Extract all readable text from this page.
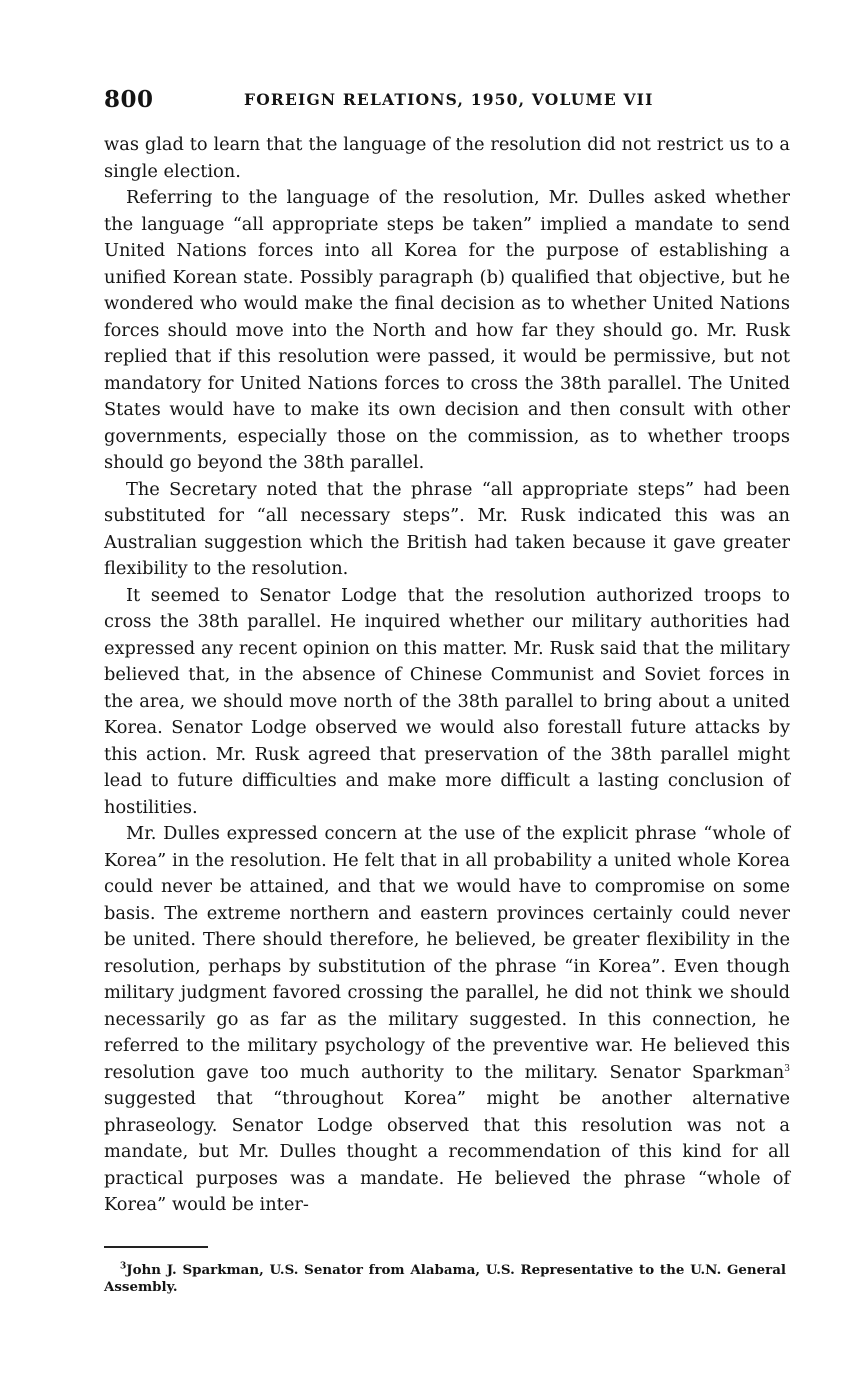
800	FOREIGN RELATIONS, 1950, VOLUME VII

was glad to learn that the language of the resolution did not restrict us to a single election.

Referring to the language of the resolution, Mr. Dulles asked whether the language “all appropriate steps be taken” implied a mandate to send United Nations forces into all Korea for the purpose of establishing a unified Korean state. Possibly paragraph (b) qualified that objective, but he wondered who would make the final decision as to whether United Nations forces should move into the North and how far they should go. Mr. Rusk replied that if this resolution were passed, it would be permissive, but not mandatory for United Nations forces to cross the 38th parallel. The United States would have to make its own decision and then consult with other governments, especially those on the commission, as to whether troops should go beyond the 38th parallel.

The Secretary noted that the phrase “all appropriate steps” had been substituted for “all necessary steps”. Mr. Rusk indicated this was an Australian suggestion which the British had taken because it gave greater flexibility to the resolution.

It seemed to Senator Lodge that the resolution authorized troops to cross the 38th parallel. He inquired whether our military authorities had expressed any recent opinion on this matter. Mr. Rusk said that the military believed that, in the absence of Chinese Communist and Soviet forces in the area, we should move north of the 38th parallel to bring about a united Korea. Senator Lodge observed we would also forestall future attacks by this action. Mr. Rusk agreed that preservation of the 38th parallel might lead to future difficulties and make more difficult a lasting conclusion of hostilities.

Mr. Dulles expressed concern at the use of the explicit phrase “whole of Korea” in the resolution. He felt that in all probability a united whole Korea could never be attained, and that we would have to compromise on some basis. The extreme northern and eastern provinces certainly could never be united. There should therefore, he believed, be greater flexibility in the resolution, perhaps by substitution of the phrase “in Korea”. Even though military judgment favored crossing the parallel, he did not think we should necessarily go as far as the military suggested. In this connection, he referred to the military psychology of the preventive war. He believed this resolution gave too much authority to the military. Senator Sparkman$^3$ suggested that “throughout Korea” might be another alternative phraseology. Senator Lodge observed that this resolution was not a mandate, but Mr. Dulles thought a recommendation of this kind for all practical purposes was a mandate. He believed the phrase “whole of Korea” would be inter-

$^3$John J. Sparkman, U.S. Senator from Alabama, U.S. Representative to the U.N. General Assembly.
